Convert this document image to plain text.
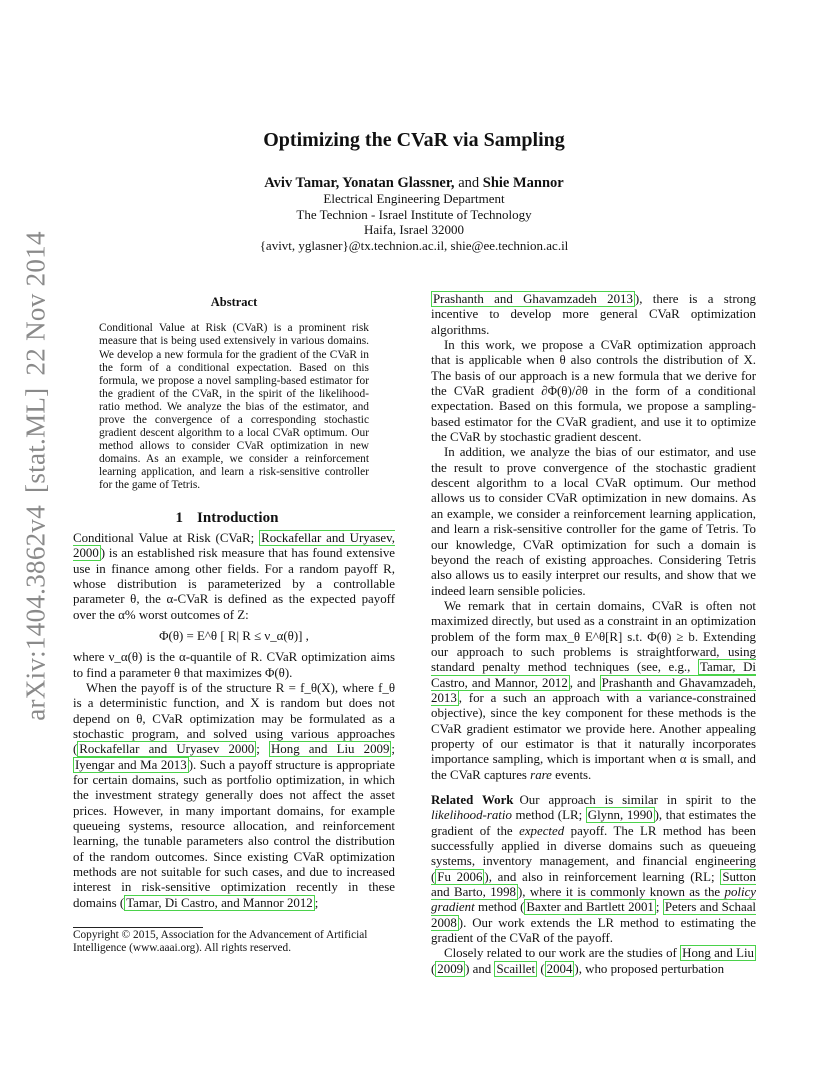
arXiv:1404.3862v4[stat.ML]22 Nov 2014
Optimizing the CVaR via Sampling
Aviv Tamar, Yonatan Glassner, and Shie Mannor
Electrical Engineering Department
The Technion - Israel Institute of Technology
Haifa, Israel 32000
{avivt, yglasner}@tx.technion.ac.il, shie@ee.technion.ac.il
Abstract

Conditional Value at Risk (CVaR) is a prominent risk measure that is being used extensively in various domains. We develop a new formula for the gradient of the CVaR in the form of a conditional expectation. Based on this formula, we propose a novel sampling-based estimator for the gradient of the CVaR, in the spirit of the likelihood-ratio method. We analyze the bias of the estimator, and prove the convergence of a corresponding stochastic gradient descent algorithm to a local CVaR optimum. Our method allows to consider CVaR optimization in new domains. As an example, we consider a reinforcement learning application, and learn a risk-sensitive controller for the game of Tetris.

1 Introduction

Conditional Value at Risk (CVaR; Rockafellar and Uryasev, 2000 ) is an established risk measure that has found extensive use in finance among other fields. For a random payoff R, whose distribution is parameterized by a controllable parameter θ, the α-CVaR is defined as the expected payoff over the α% worst outcomes of Z:

Φ(θ) = E^θ [ R| R ≤ ν_α(θ)] ,

where ν_α(θ) is the α-quantile of R. CVaR optimization aims to find a parameter θ that maximizes Φ(θ).

When the payoff is of the structure R = f_θ(X), where f_θ is a deterministic function, and X is random but does not depend on θ, CVaR optimization may be formulated as a stochastic program, and solved using various approaches ( Rockafellar and Uryasev 2000 ; Hong and Liu 2009 ; Iyengar and Ma 2013 ). Such a payoff structure is appropriate for certain domains, such as portfolio optimization, in which the investment strategy generally does not affect the asset prices. However, in many important domains, for example queueing systems, resource allocation, and reinforcement learning, the tunable parameters also control the distribution of the random outcomes. Since existing CVaR optimization methods are not suitable for such cases, and due to increased interest in risk-sensitive optimization recently in these domains ( Tamar, Di Castro, and Mannor 2012 ;

Copyright © 2015, Association for the Advancement of Artificial Intelligence (www.aaai.org). All rights reserved.

Prashanth and Ghavamzadeh 2013 ), there is a strong incentive to develop more general CVaR optimization algorithms.

In this work, we propose a CVaR optimization approach that is applicable when θ also controls the distribution of X. The basis of our approach is a new formula that we derive for the CVaR gradient ∂Φ(θ)/∂θ in the form of a conditional expectation. Based on this formula, we propose a sampling-based estimator for the CVaR gradient, and use it to optimize the CVaR by stochastic gradient descent.

In addition, we analyze the bias of our estimator, and use the result to prove convergence of the stochastic gradient descent algorithm to a local CVaR optimum. Our method allows us to consider CVaR optimization in new domains. As an example, we consider a reinforcement learning application, and learn a risk-sensitive controller for the game of Tetris. To our knowledge, CVaR optimization for such a domain is beyond the reach of existing approaches. Considering Tetris also allows us to easily interpret our results, and show that we indeed learn sensible policies.

We remark that in certain domains, CVaR is often not maximized directly, but used as a constraint in an optimization problem of the form max_θ E^θ[R] s.t. Φ(θ) ≥ b. Extending our approach to such problems is straightforward, using standard penalty method techniques (see, e.g., Tamar, Di Castro, and Mannor, 2012 , and Prashanth and Ghavamzadeh, 2013 , for a such an approach with a variance-constrained objective), since the key component for these methods is the CVaR gradient estimator we provide here. Another appealing property of our estimator is that it naturally incorporates importance sampling, which is important when α is small, and the CVaR captures rare events.

Related Work Our approach is similar in spirit to the likelihood-ratio method (LR; Glynn, 1990 ), that estimates the gradient of the expected payoff. The LR method has been successfully applied in diverse domains such as queueing systems, inventory management, and financial engineering ( Fu 2006 ), and also in reinforcement learning (RL; Sutton and Barto, 1998 ), where it is commonly known as the policy gradient method ( Baxter and Bartlett 2001 ; Peters and Schaal 2008 ). Our work extends the LR method to estimating the gradient of the CVaR of the payoff.

Closely related to our work are the studies of Hong and Liu ( 2009 ) and Scaillet ( 2004 ), who proposed perturbation
